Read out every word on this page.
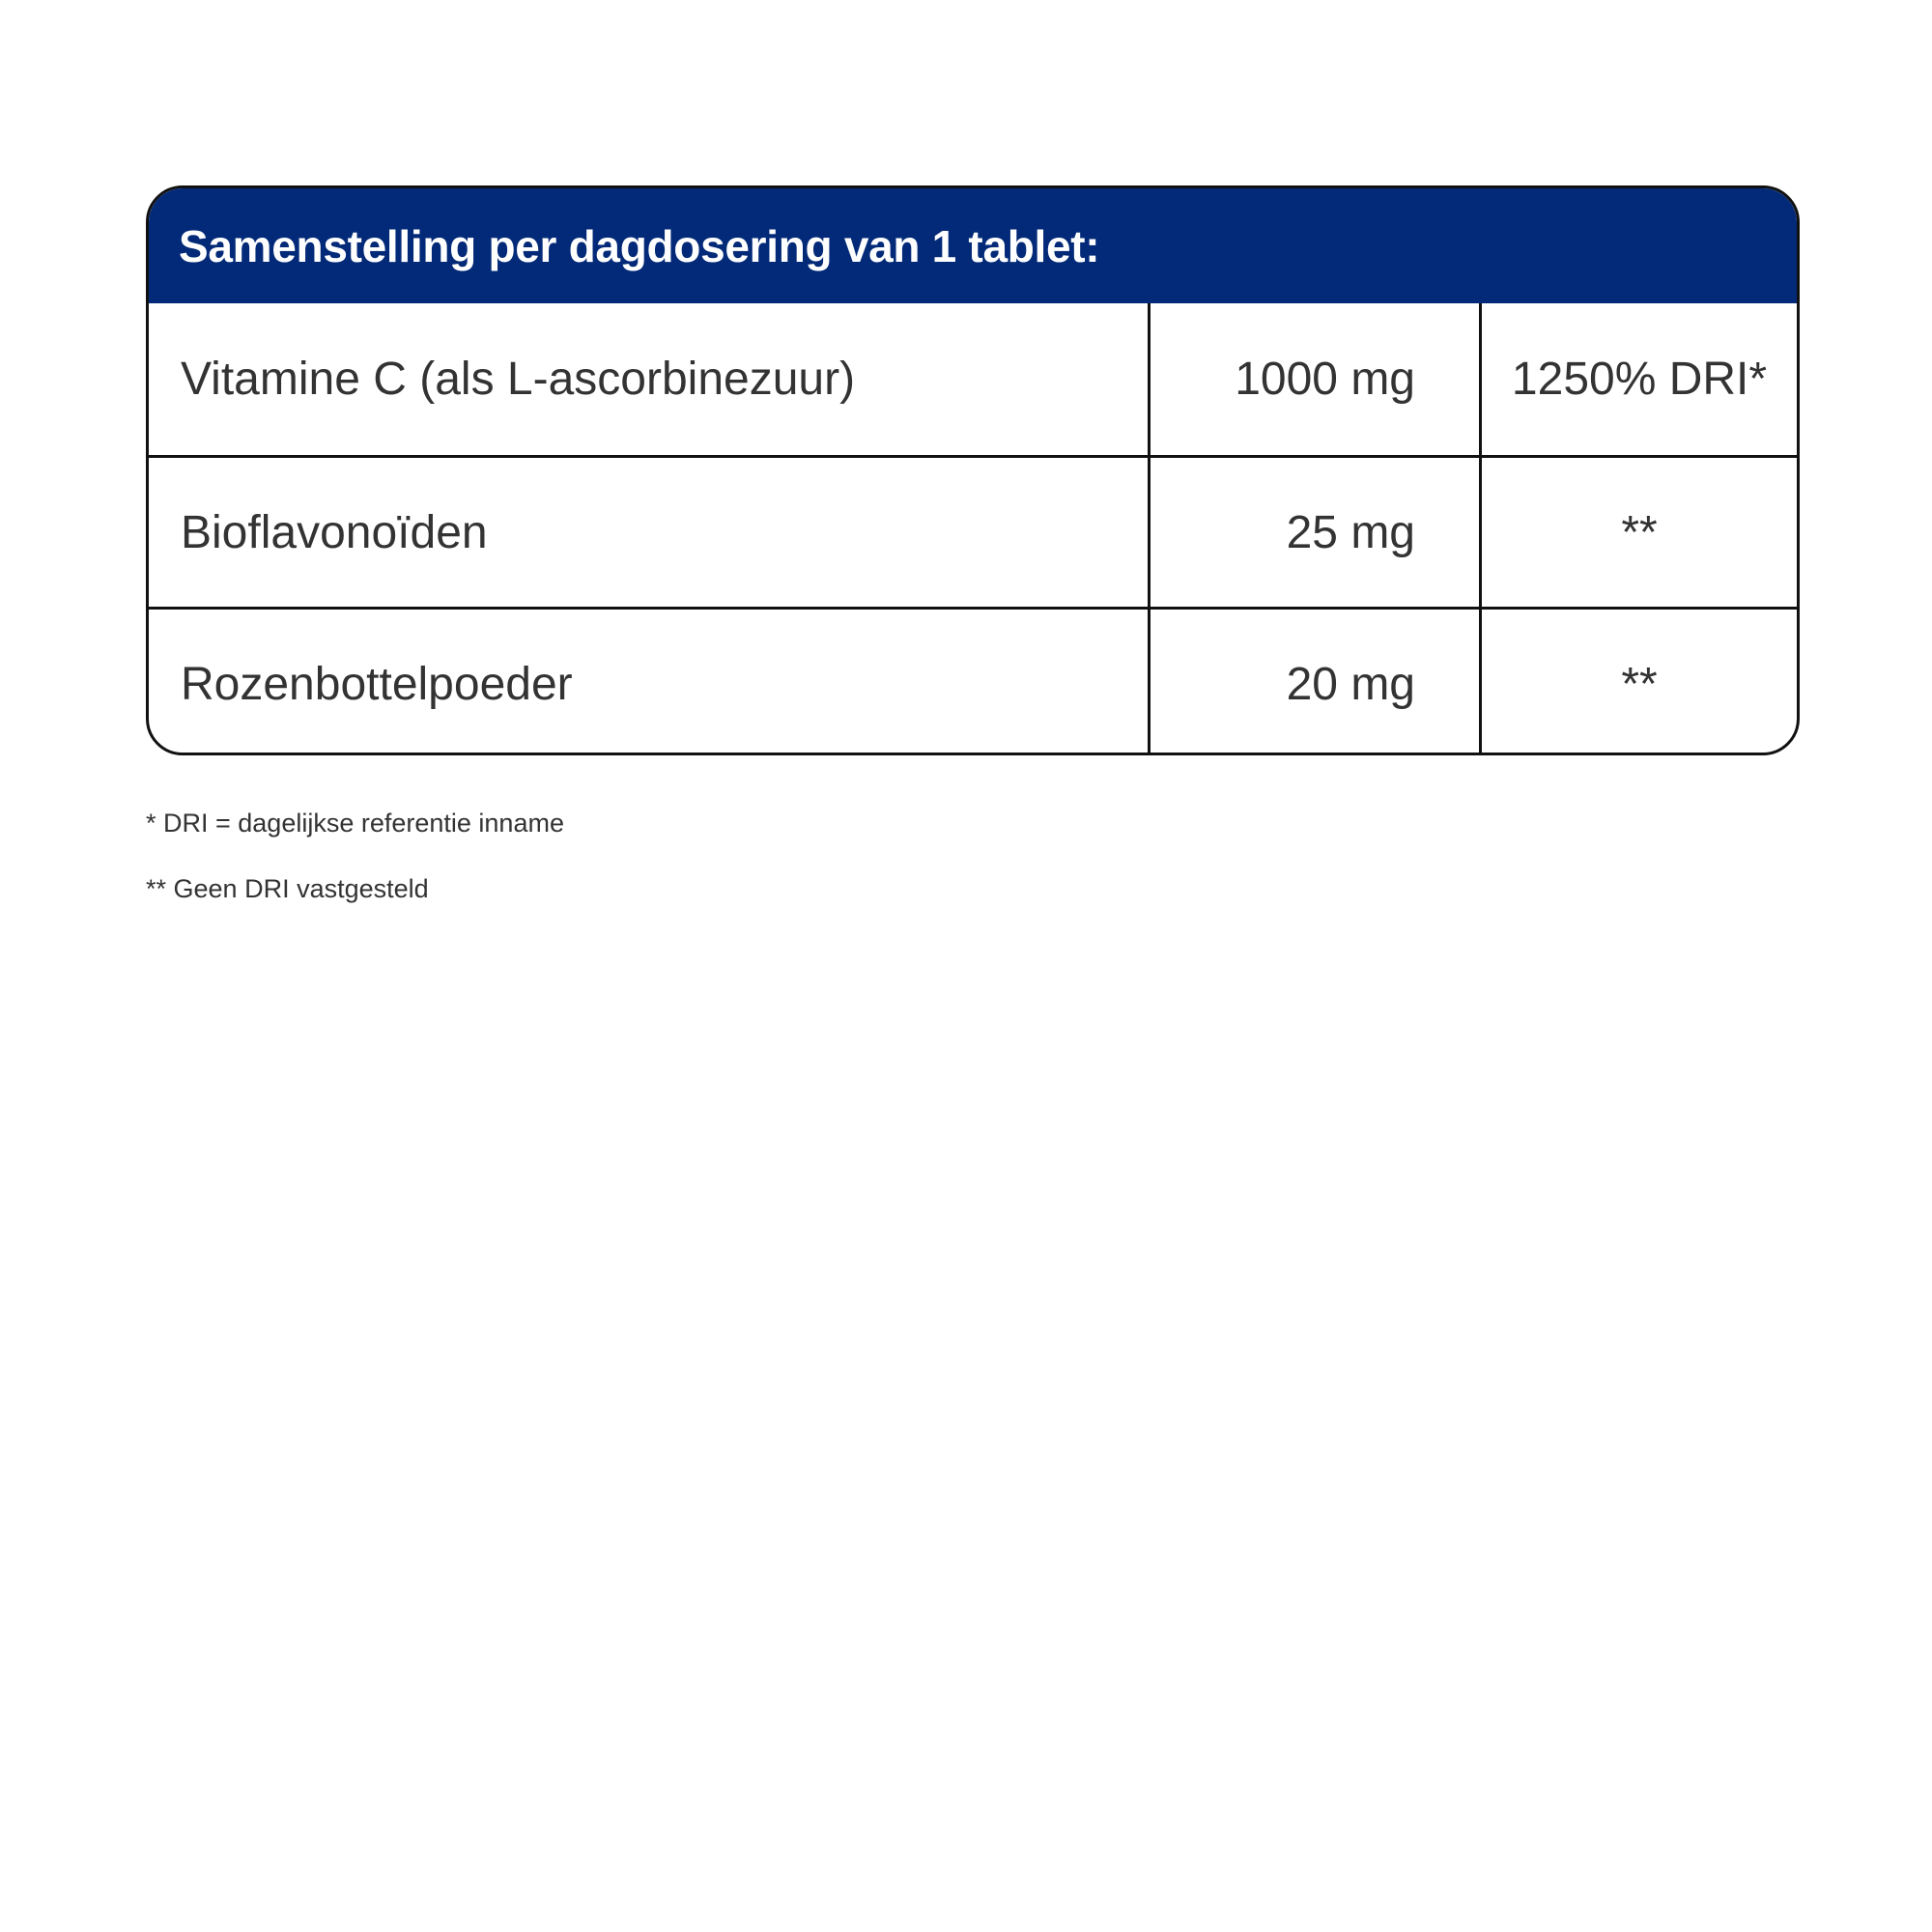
Samenstelling per dagdosering van 1 tablet:
Vitamine C (als L-ascorbinezuur)	1000 mg	1250% DRI*
Bioflavonoïden	25 mg	**
Rozenbottelpoeder	20 mg	**
* DRI = dagelijkse referentie inname
** Geen DRI vastgesteld
